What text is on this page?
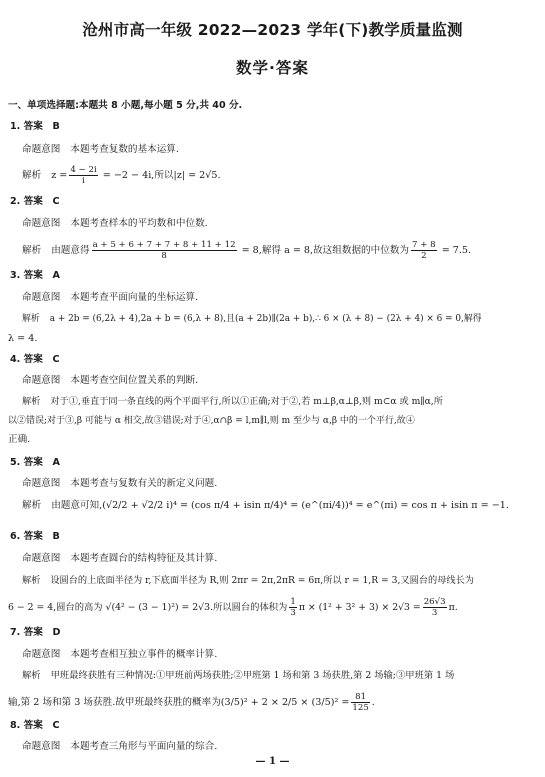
沧州市高一年级 2022—2023 学年(下)教学质量监测
数学·答案
一、单项选择题:本题共 8 小题,每小题 5 分,共 40 分.
1. 答案　B
命题意图 本题考查复数的基本运算.
解析 $z = \frac{4 - 2i}{i} = -2 - 4i$,所以|z| = 2√5.
2. 答案　C
命题意图 本题考查样本的平均数和中位数.
解析 由题意得 $\frac{a + 5 + 6 + 7 + 7 + 8 + 11 + 12}{8} = 8$,解得 a = 8,故这组数据的中位数为 $\frac{7 + 8}{2} = 7.5$.
3. 答案　A
命题意图 本题考查平面向量的坐标运算.
解析 a + 2b = (6,2λ + 4),2a + b = (6,λ + 8),且(a + 2b)∥(2a + b),∴ 6 × (λ + 8) − (2λ + 4) × 6 = 0,解得
λ = 4.
4. 答案　C
命题意图 本题考查空间位置关系的判断.
解析 对于①,垂直于同一条直线的两个平面平行,所以①正确;对于②,若 m⊥β,α⊥β,则 m⊂α 或 m∥α,所
以②错误;对于③,β 可能与 α 相交,故③错误;对于④,α∩β = l,m∥l,则 m 至少与 α,β 中的一个平行,故④
正确.
5. 答案　A
命题意图 本题考查与复数有关的新定义问题.
解析 由题意可知,(√2/2 + √2/2 i)⁴ = (cos π/4 + isin π/4)⁴ = (e^(πi/4))⁴ = e^(πi) = cos π + isin π = −1.
6. 答案　B
命题意图 本题考查圆台的结构特征及其计算.
解析 设圆台的上底面半径为 r,下底面半径为 R,则 2πr = 2π,2πR = 6π,所以 r = 1,R = 3,又圆台的母线长为
6 − 2 = 4,圆台的高为 √(4² − (3 − 1)²) = 2√3.所以圆台的体积为 $\frac{1}{3}$ $\pi \times (1^2 + 3^2 + 3) \times 2√3 = \frac{26√3}{3} \pi$.
7. 答案　D
命题意图 本题考查相互独立事件的概率计算.
解析 甲班最终获胜有三种情况:①甲班前两场获胜;②甲班第 1 场和第 3 场获胜,第 2 场输;③甲班第 1 场
输,第 2 场和第 3 场获胜.故甲班最终获胜的概率为$(3/5)^2 + 2 \times 2/5 \times (3/5)^2 = \frac{81}{125}$ .
8. 答案　C
命题意图 本题考查三角形与平面向量的综合.
— 1 —
